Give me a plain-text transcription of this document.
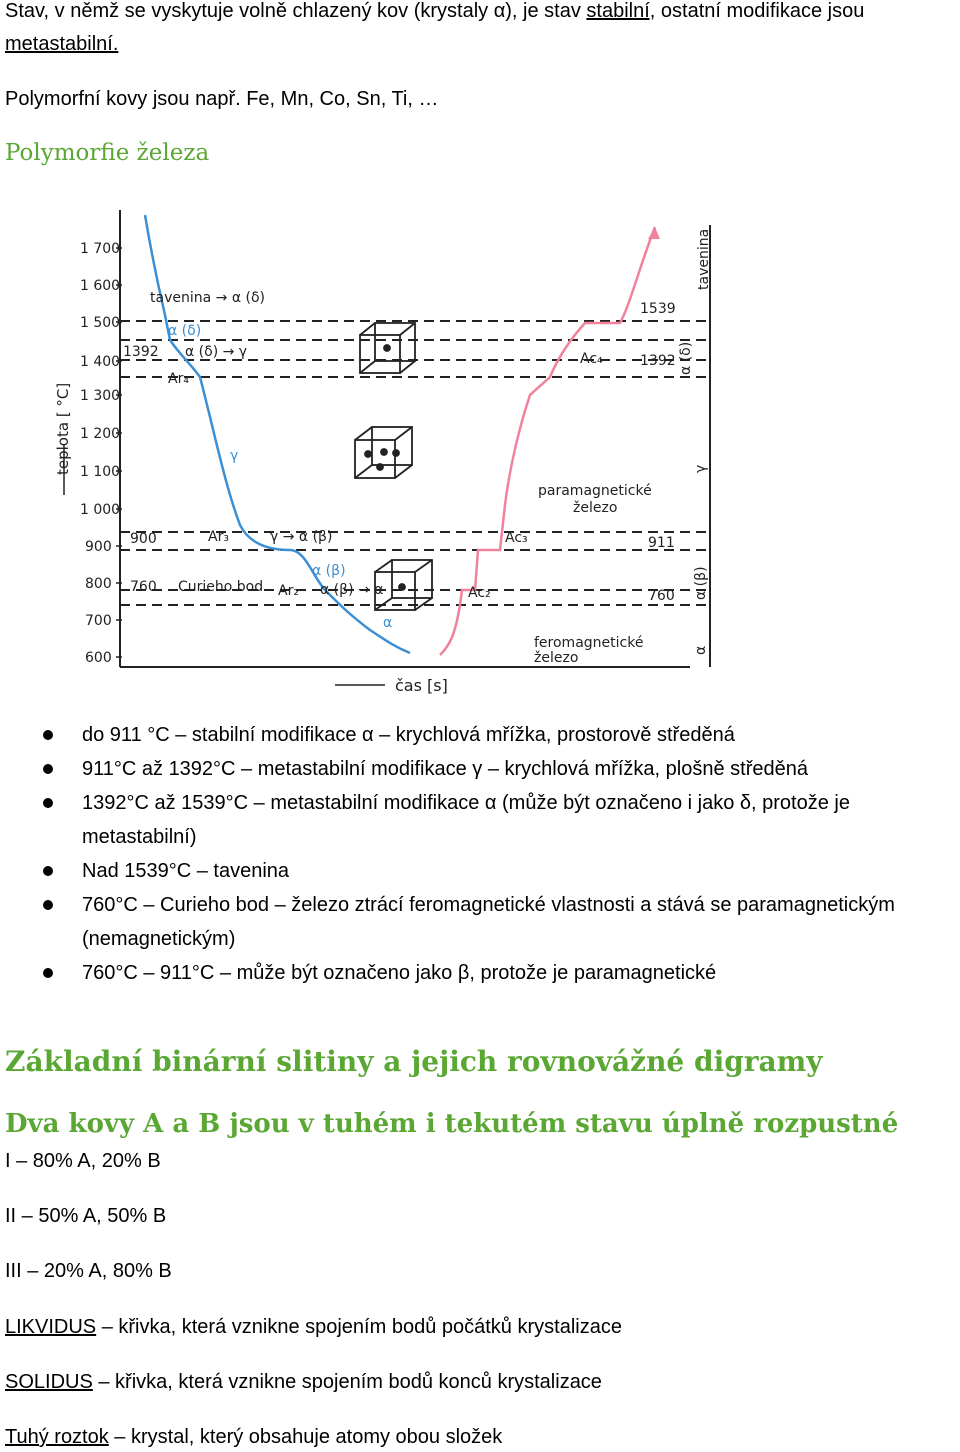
Stav, v němž se vyskytuje volně chlazený kov (krystaly α), je stav stabilní, ostatní modifikace jsou
metastabilní.
Polymorfní kovy jsou např. Fe, Mn, Co, Sn, Ti, …
Polymorfie železa
1 700
1 600
1 500
1 400
1 300
1 200
1 100
1 000
900
800
700
600
teplota [ °C]
čas [s]
1392
900
760
tavenina → α (δ)
α (δ)
α (δ) → γ
Ar₄
γ
Ar₃	γ → α (β)
Curieho bod Ar₂
α (β)
α (β) → α
α
1539
1392
911
760
Ac₄
Ac₃
Ac₂
paramagnetické
železo
feromagnetické
železo
tavenina
α (δ)
γ
α (β)
α
do 911 °C – stabilní modifikace α – krychlová mřížka, prostorově středěná
911°C až 1392°C – metastabilní modifikace γ – krychlová mřížka, plošně středěná
1392°C až 1539°C – metastabilní modifikace α (může být označeno i jako δ, protože je
metastabilní)
Nad 1539°C – tavenina
760°C – Curieho bod – železo ztrácí feromagnetické vlastnosti a stává se paramagnetickým
(nemagnetickým)
760°C – 911°C – může být označeno jako β, protože je paramagnetické
Základní binární slitiny a jejich rovnovážné digramy
Dva kovy A a B jsou v tuhém i tekutém stavu úplně rozpustné
I – 80% A, 20% B
II – 50% A, 50% B
III – 20% A, 80% B
LIKVIDUS – křivka, která vznikne spojením bodů počátků krystalizace
SOLIDUS – křivka, která vznikne spojením bodů konců krystalizace
Tuhý roztok – krystal, který obsahuje atomy obou složek
